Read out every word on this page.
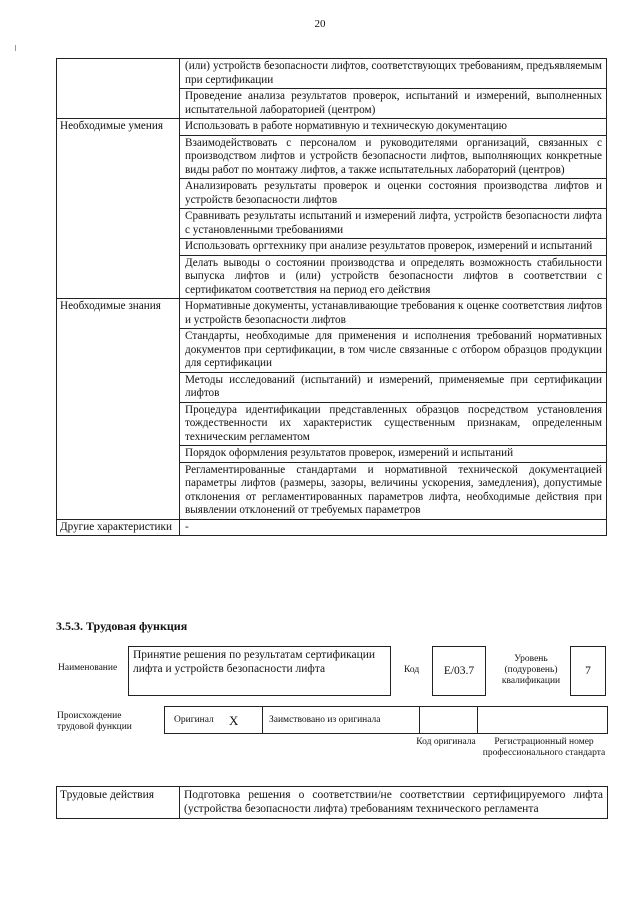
20
	(или) устройств безопасности лифтов, соответствующих требованиям, предъявляемым при сертификации
	Проведение анализа результатов проверок, испытаний и измерений, выполненных испытательной лабораторией (центром)
Необходимые умения	Использовать в работе нормативную и техническую документацию
	Взаимодействовать с персоналом и руководителями организаций, связанных с производством лифтов и устройств безопасности лифтов, выполняющих конкретные виды работ по монтажу лифтов, а также испытательных лабораторий (центров)
	Анализировать результаты проверок и оценки состояния производства лифтов и устройств безопасности лифтов
	Сравнивать результаты испытаний и измерений лифта, устройств безопасности лифта с установленными требованиями
	Использовать оргтехнику при анализе результатов проверок, измерений и испытаний
	Делать выводы о состоянии производства и определять возможность стабильности выпуска лифтов и (или) устройств безопасности лифтов в соответствии с сертификатом соответствия на период его действия
Необходимые знания	Нормативные документы, устанавливающие требования к оценке соответствия лифтов и устройств безопасности лифтов
	Стандарты, необходимые для применения и исполнения требований нормативных документов при сертификации, в том числе связанные с отбором образцов продукции для сертификации
	Методы исследований (испытаний) и измерений, применяемые при сертификации лифтов
	Процедура идентификации представленных образцов посредством установления тождественности их характеристик существенным признакам, определенным техническим регламентом
	Порядок оформления результатов проверок, измерений и испытаний
	Регламентированные стандартами и нормативной технической документацией параметры лифтов (размеры, зазоры, величины ускорения, замедления), допустимые отклонения от регламентированных параметров лифта, необходимые действия при выявлении отклонений от требуемых параметров
Другие характеристики	-
3.5.3. Трудовая функция
Наименование
Принятие решения по результатам сертификации лифта и устройств безопасности лифта	Код E/03.7
Уровень (подуровень) квалификации
7
Происхождение трудовой функции
Оригинал X	Заимствовано из оригинала
Код оригинала	Регистрационный номер профессионального стандарта
Трудовые действия	Подготовка решения о соответствии/не соответствии сертифицируемого лифта (устройства безопасности лифта) требованиям технического регламента
